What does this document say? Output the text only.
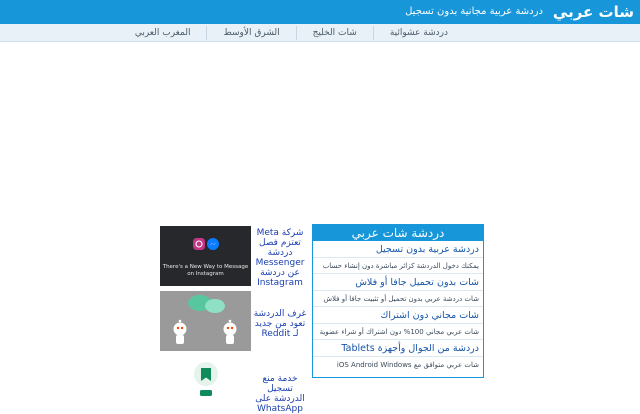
شات عربي
دردشة عربية مجانية بدون تسجيل
دردشة عشوائية
شات الخليج
الشرق الأوسط
المغرب العربي
دردشة شات عربي
دردشة عربية بدون تسجيل
يمكنك دخول الدردشة كزائر مباشرة دون إنشاء حساب
شات بدون تحميل جافا أو فلاش
شات دردشة عربي بدون تحميل أو تثبيت جافا أو فلاش
شات مجاني دون اشتراك
شات عربي مجاني 100% دون اشتراك أو شراء عضوية
دردشة من الجوال وأجهزة Tablets
شات عربي متوافق مع iOS Android Windows
There's a New Way to Message on Instagram
شركة Meta تعتزم فصل دردشة Messenger عن دردشة Instagram
غرف الدردشة تعود من جديد لـ Reddit
خدمة منع تسجيل الدردشة على WhatsApp
